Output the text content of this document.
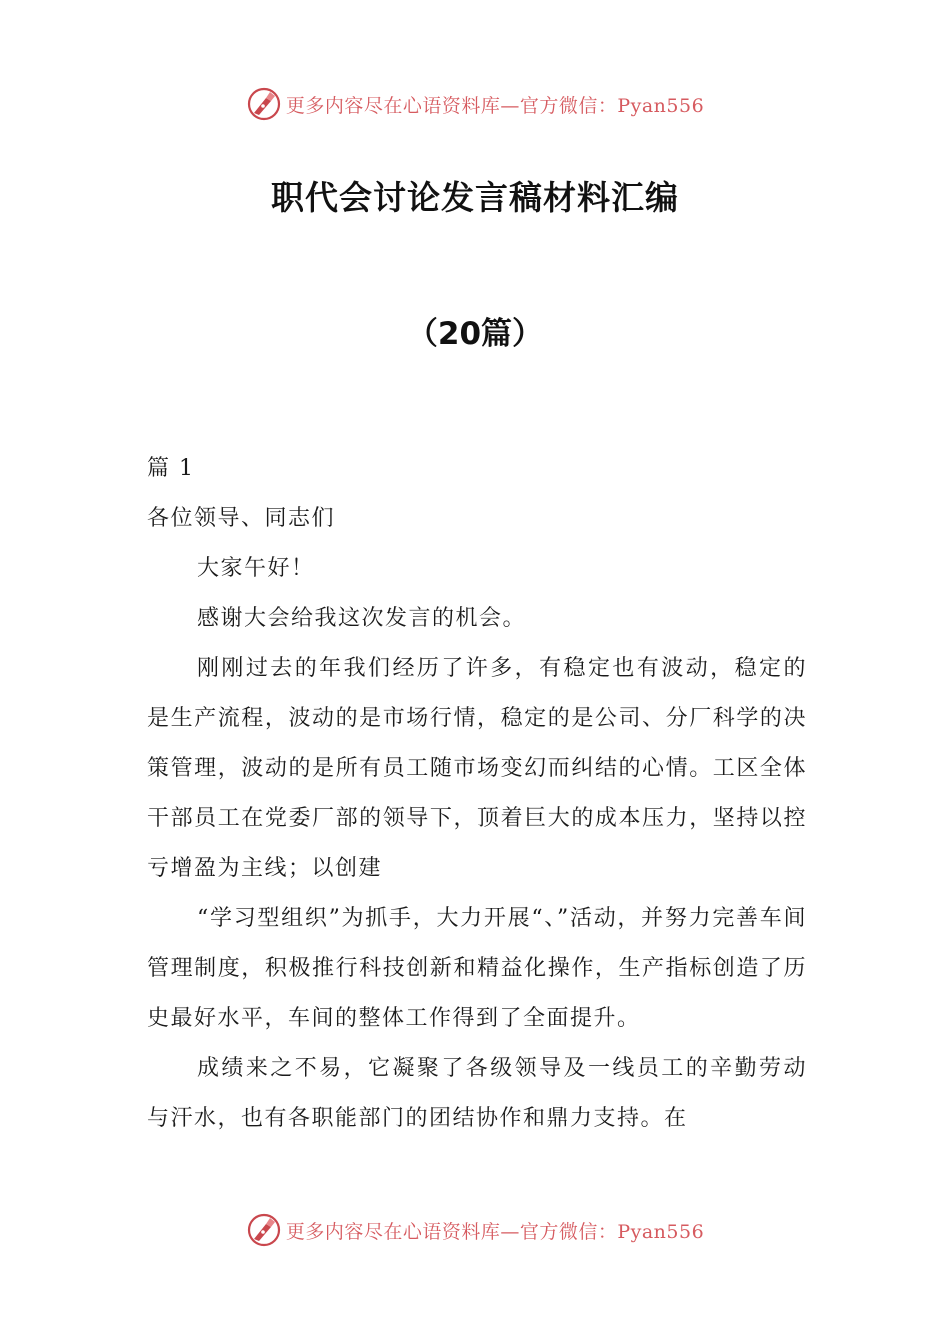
更多内容尽在心语资料库—官方微信：Pyan556
职代会讨论发言稿材料汇编
（20篇）

篇 1

各位领导、同志们

大家午好！

感谢大会给我这次发言的机会。

刚刚过去的年我们经历了许多，有稳定也有波动，稳定的是生产流程，波动的是市场行情，稳定的是公司、分厂科学的决策管理，波动的是所有员工随市场变幻而纠结的心情。工区全体干部员工在党委厂部的领导下，顶着巨大的成本压力，坚持以控亏增盈为主线；以创建

“学习型组织”为抓手，大力开展“、”活动，并努力完善车间管理制度，积极推行科技创新和精益化操作，生产指标创造了历史最好水平，车间的整体工作得到了全面提升。

成绩来之不易，它凝聚了各级领导及一线员工的辛勤劳动与汗水，也有各职能部门的团结协作和鼎力支持。在

更多内容尽在心语资料库—官方微信：Pyan556
